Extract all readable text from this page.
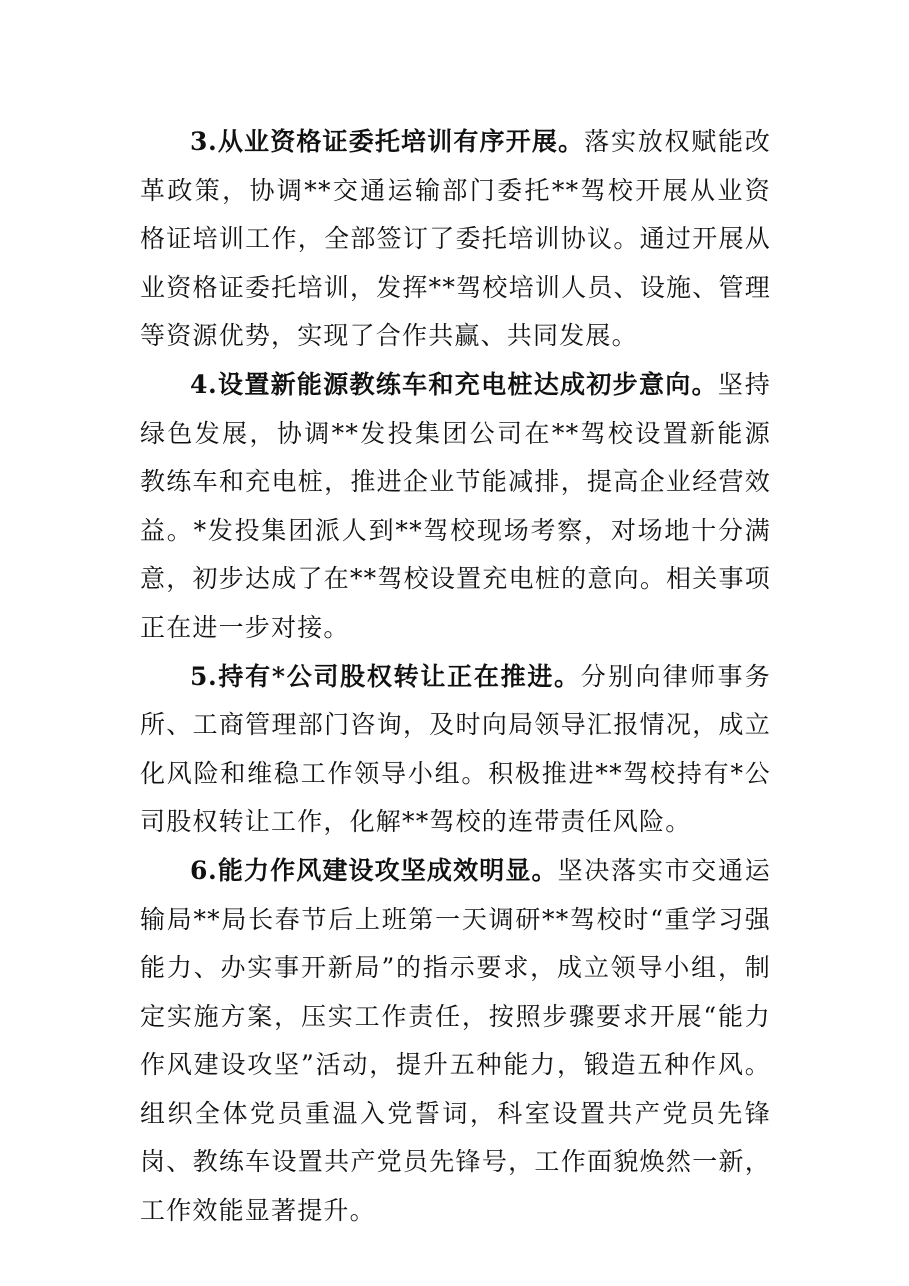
3.从业资格证委托培训有序开展。落实放权赋能改革政策，协调**交通运输部门委托**驾校开展从业资格证培训工作，全部签订了委托培训协议。通过开展从业资格证委托培训，发挥**驾校培训人员、设施、管理等资源优势，实现了合作共赢、共同发展。

4.设置新能源教练车和充电桩达成初步意向。坚持绿色发展，协调**发投集团公司在**驾校设置新能源教练车和充电桩，推进企业节能减排，提高企业经营效益。*发投集团派人到**驾校现场考察，对场地十分满意，初步达成了在**驾校设置充电桩的意向。相关事项正在进一步对接。

5.持有*公司股权转让正在推进。分别向律师事务所、工商管理部门咨询，及时向局领导汇报情况，成立化风险和维稳工作领导小组。积极推进**驾校持有*公司股权转让工作，化解**驾校的连带责任风险。

6.能力作风建设攻坚成效明显。坚决落实市交通运输局**局长春节后上班第一天调研**驾校时“重学习强能力、办实事开新局”的指示要求，成立领导小组，制定实施方案，压实工作责任，按照步骤要求开展“能力作风建设攻坚”活动，提升五种能力，锻造五种作风。组织全体党员重温入党誓词，科室设置共产党员先锋岗、教练车设置共产党员先锋号，工作面貌焕然一新，工作效能显著提升。
